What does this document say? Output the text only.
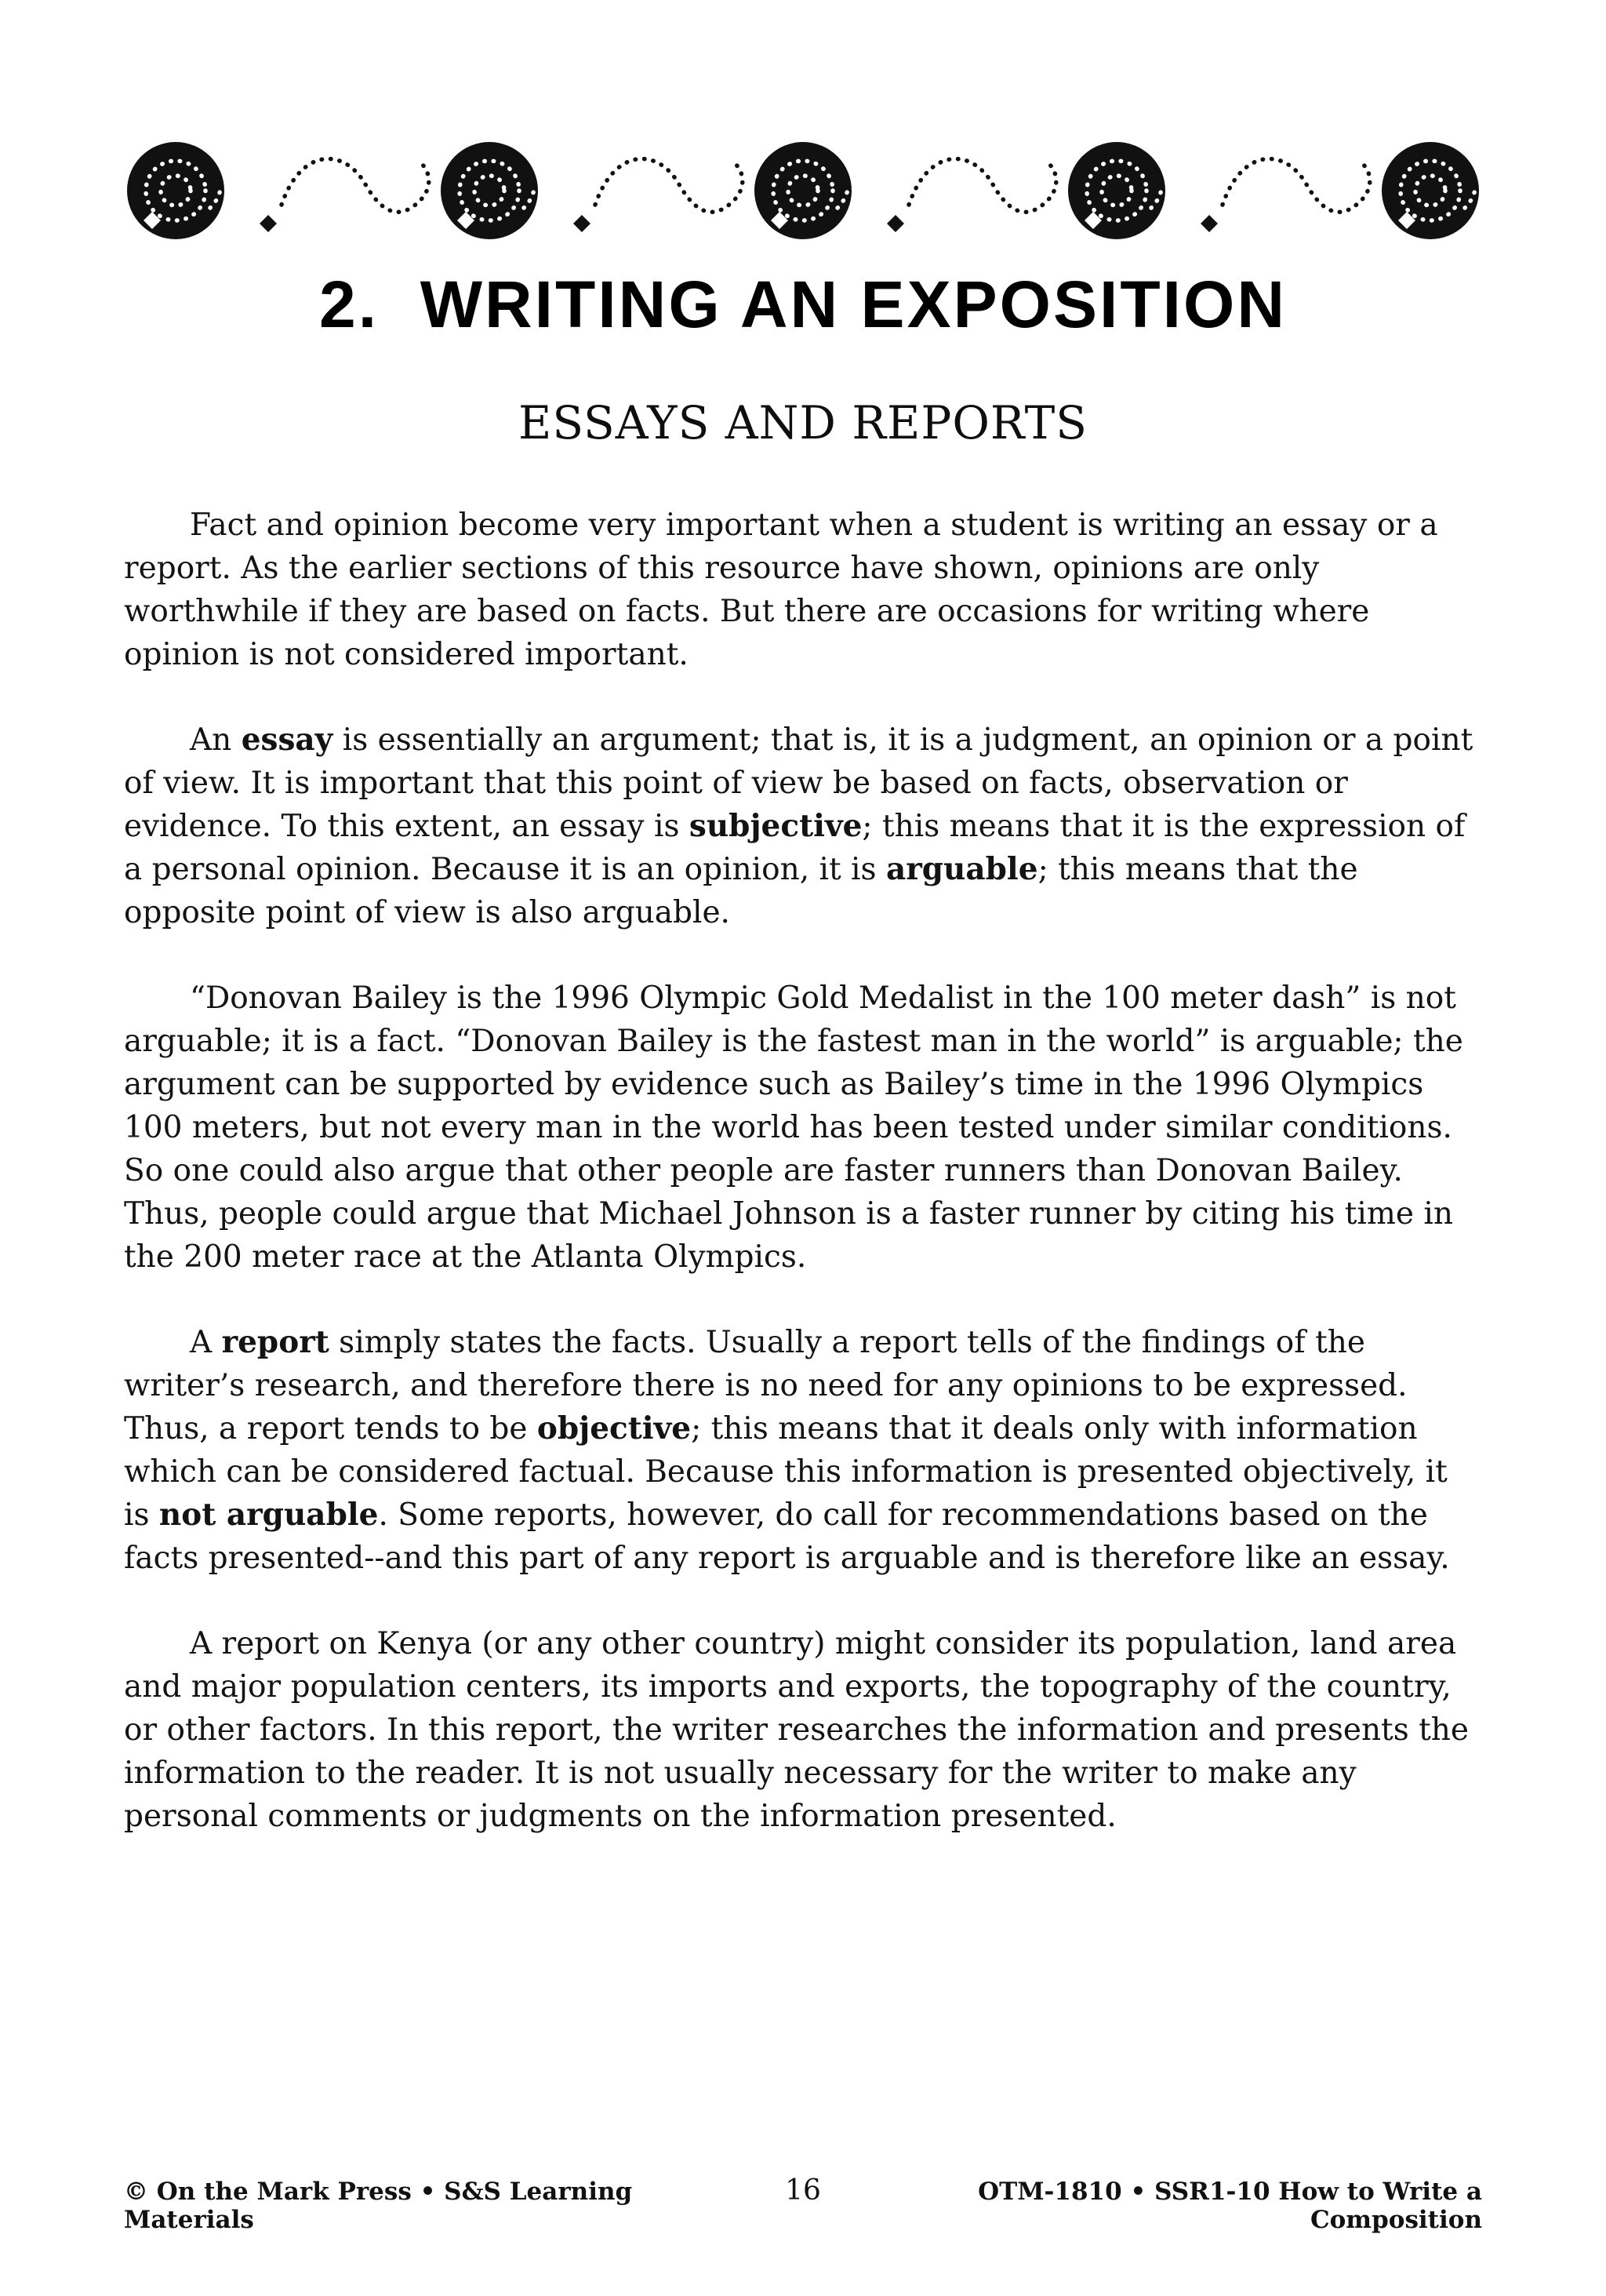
2.  WRITING AN EXPOSITION
ESSAYS AND REPORTS

Fact and opinion become very important when a student is writing an essay or a report. As the earlier sections of this resource have shown, opinions are only worthwhile if they are based on facts. But there are occasions for writing where opinion is not considered important.

An essay is essentially an argument; that is, it is a judgment, an opinion or a point of view. It is important that this point of view be based on facts, observation or evidence. To this extent, an essay is subjective; this means that it is the expression of a personal opinion. Because it is an opinion, it is arguable; this means that the opposite point of view is also arguable.

“Donovan Bailey is the 1996 Olympic Gold Medalist in the 100 meter dash” is not arguable; it is a fact. “Donovan Bailey is the fastest man in the world” is arguable; the argument can be supported by evidence such as Bailey’s time in the 1996 Olympics 100 meters, but not every man in the world has been tested under similar conditions. So one could also argue that other people are faster runners than Donovan Bailey. Thus, people could argue that Michael Johnson is a faster runner by citing his time in the 200 meter race at the Atlanta Olympics.

A report simply states the facts. Usually a report tells of the findings of the writer’s research, and therefore there is no need for any opinions to be expressed. Thus, a report tends to be objective; this means that it deals only with information which can be considered factual. Because this information is presented objectively, it is not arguable. Some reports, however, do call for recommendations based on the facts presented--and this part of any report is arguable and is therefore like an essay.

A report on Kenya (or any other country) might consider its population, land area and major population centers, its imports and exports, the topography of the country, or other factors. In this report, the writer researches the information and presents the information to the reader. It is not usually necessary for the writer to make any personal comments or judgments on the information presented.

© On the Mark Press • S&S Learning Materials
16	OTM-1810 • SSR1-10 How to Write a Composition
